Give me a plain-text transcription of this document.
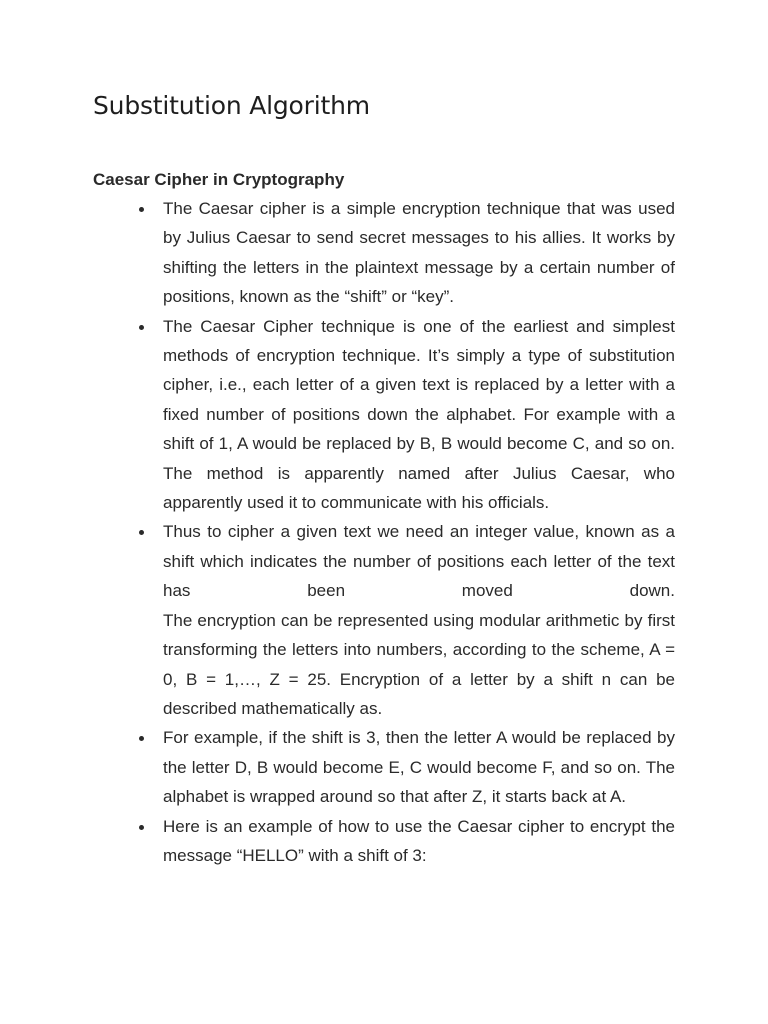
Substitution Algorithm
Caesar Cipher in Cryptography
The Caesar cipher is a simple encryption technique that was used by Julius Caesar to send secret messages to his allies. It works by shifting the letters in the plaintext message by a certain number of positions, known as the “shift” or “key”.
The Caesar Cipher technique is one of the earliest and simplest methods of encryption technique. It’s simply a type of substitution cipher, i.e., each letter of a given text is replaced by a letter with a fixed number of positions down the alphabet. For example with a shift of 1, A would be replaced by B, B would become C, and so on. The method is apparently named after Julius Caesar, who apparently used it to communicate with his officials.
Thus to cipher a given text we need an integer value, known as a shift which indicates the number of positions each letter of the text has been moved down.
The encryption can be represented using modular arithmetic by first transforming the letters into numbers, according to the scheme, A = 0, B = 1,…, Z = 25. Encryption of a letter by a shift n can be described mathematically as.
For example, if the shift is 3, then the letter A would be replaced by the letter D, B would become E, C would become F, and so on. The alphabet is wrapped around so that after Z, it starts back at A.
Here is an example of how to use the Caesar cipher to encrypt the message “HELLO” with a shift of 3:
